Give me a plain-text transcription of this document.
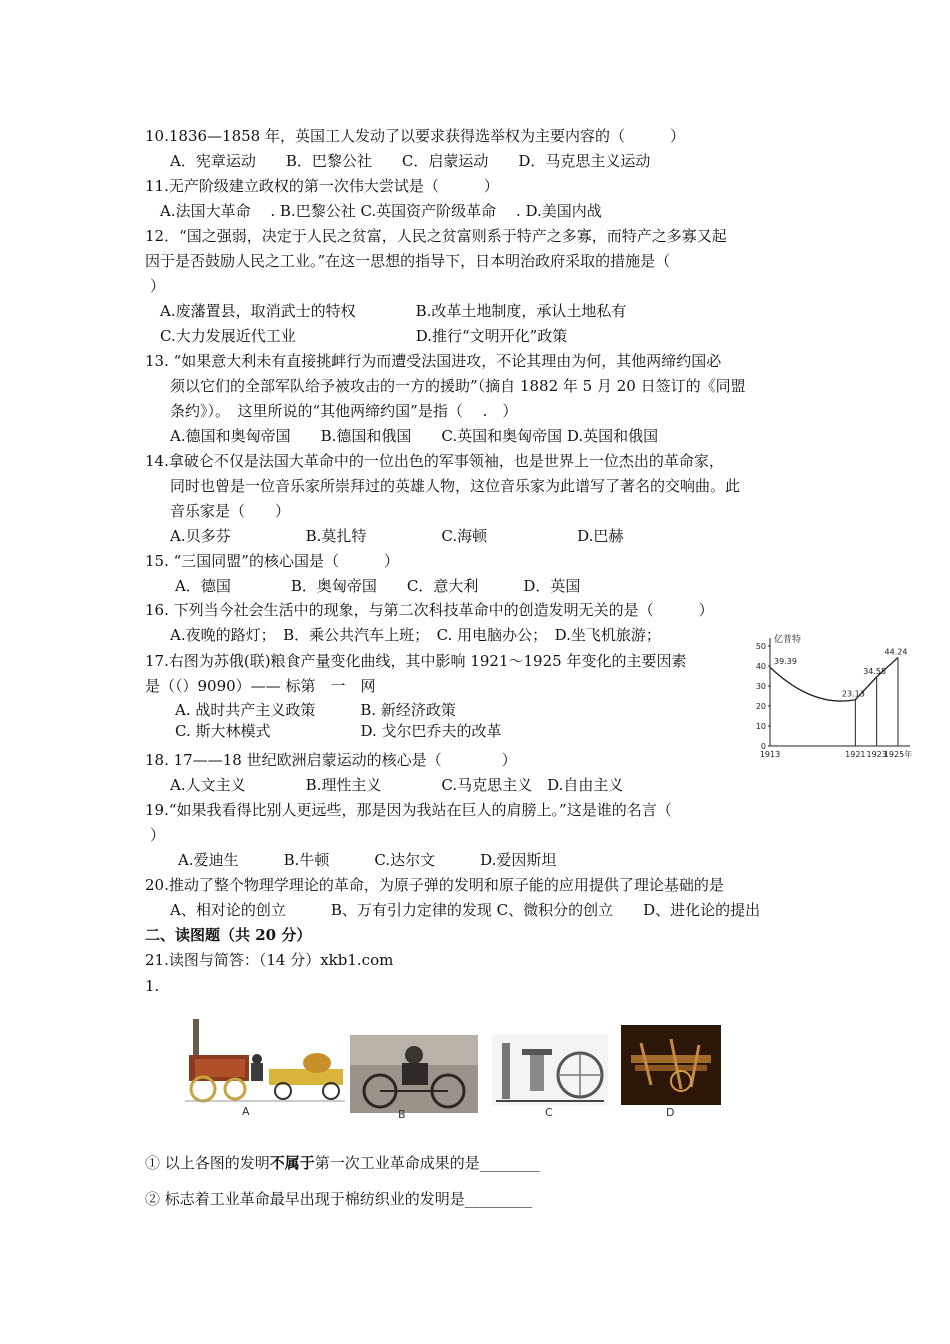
10.1836—1858 年，英国工人发动了以要求获得选举权为主要内容的（　　　）
A．宪章运动　　B．巴黎公社　　C．启蒙运动　　D．马克思主义运动
11.无产阶级建立政权的第一次伟大尝试是（　　　）
A.法国大革命　 . B.巴黎公社 C.英国资产阶级革命　 . D.美国内战
12．“国之强弱，决定于人民之贫富，人民之贫富则系于特产之多寡，而特产之多寡又起
因于是否鼓励人民之工业。”在这一思想的指导下，日本明治政府采取的措施是（
）
A.废藩置县，取消武士的特权　　　　B.改革土地制度，承认土地私有
C.大力发展近代工业　　　　　　　　D.推行“文明开化”政策
13. “如果意大利未有直接挑衅行为而遭受法国进攻，不论其理由为何，其他两缔约国必
须以它们的全部军队给予被攻击的一方的援助”（摘自 1882 年 5 月 20 日签订的《同盟
条约》）。　这里所说的“其他两缔约国”是指（　 .　）
A.德国和奥匈帝国　　B.德国和俄国　　C.英国和奥匈帝国 D.英国和俄国
14.拿破仑不仅是法国大革命中的一位出色的军事领袖，也是世界上一位杰出的革命家，
同时也曾是一位音乐家所崇拜过的英雄人物，这位音乐家为此谱写了著名的交响曲。此
音乐家是（　　）
A.贝多芬　　　　　B.莫扎特　　　　　C.海顿　　　　　　D.巴赫
15. “三国同盟”的核心国是（　　　）
A．德国　　　　B．奥匈帝国　　C．意大利　　　D．英国
16. 下列当今社会生活中的现象，与第二次科技革命中的创造发明无关的是（　　　）
A.夜晚的路灯；　B．乘公共汽车上班；　C. 用电脑办公；　D.坐飞机旅游；
17.右图为苏俄(联)粮食产量变化曲线，其中影响 1921～1925 年变化的主要因素
是（（）9090）—— 标第　一　网
A. 战时共产主义政策　　　B. 新经济政策
C. 斯大林模式　　　　　　D. 戈尔巴乔夫的改革
亿普特
0
10
20
30
40
50
1913	1921 1923
1925年
39.39
23.13
34.55
44.24
18. 17——18 世纪欧洲启蒙运动的核心是（　　　　）
A.人文主义　　　　B.理性主义　　　　C.马克思主义　D.自由主义
19.“如果我看得比别人更远些，那是因为我站在巨人的肩膀上。”这是谁的名言（
）
A.爱迪生　　　B.牛顿　　　C.达尔文　　　D.爱因斯坦
20.推动了整个物理学理论的革命，为原子弹的发明和原子能的应用提供了理论基础的是
A、相对论的创立　　　B、万有引力定律的发现 C、微积分的创立　　D、进化论的提出
二、读图题（共 20 分）
21.读图与简答：（14 分）xkb1.com
1.
A	B	C	D
① 以上各图的发明不属于第一次工业革命成果的是________
② 标志着工业革命最早出现于棉纺织业的发明是_________
